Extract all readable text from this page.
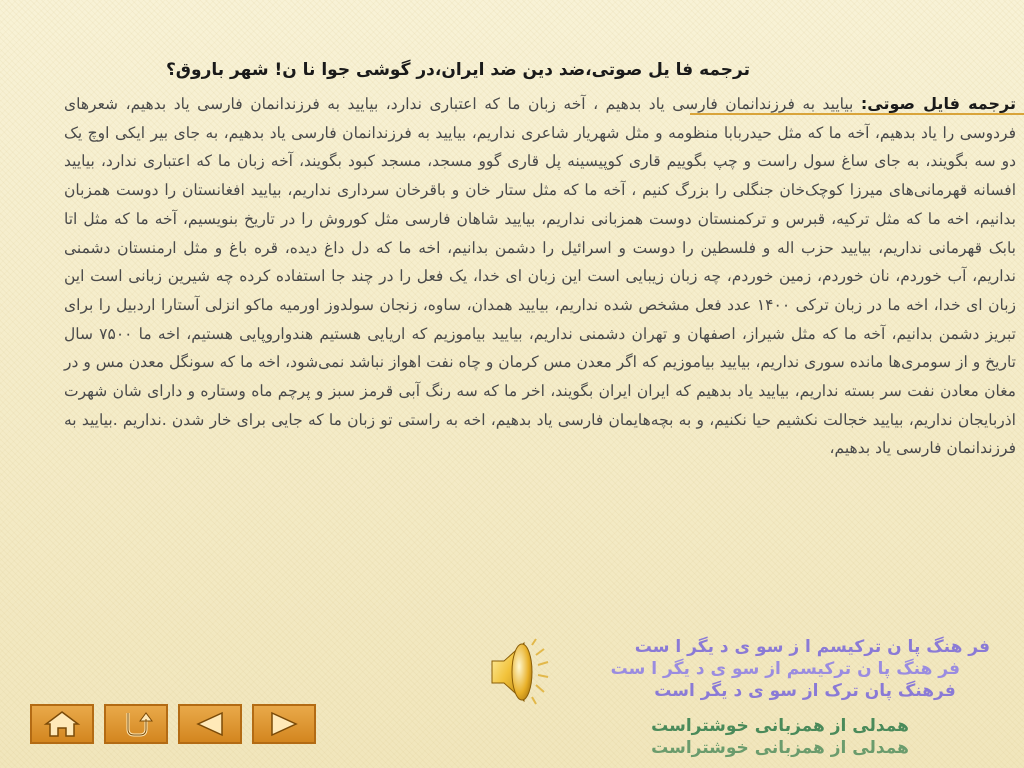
ترجمه فا یل صوتی،ضد دین ضد ایران،در گوشی جوا نا ن! شهر باروق؟
ترجمه فایل صوتی: بیایید به فرزندانمان فارسی یاد بدهیم ، آخه زبان ما که اعتباری ندارد، بیایید به فرزندانمان فارسی یاد بدهیم، شعرهای فردوسی را یاد بدهیم، آخه ما که مثل حیدربابا منظومه و مثل شهریار شاعری نداریم، بیایید به فرزندانمان فارسی یاد بدهیم، به جای بیر ایکی اوچ یک دو سه بگویند، به جای ساغ سول راست و چپ بگوییم قاری کوپیسینه پل قاری گوو مسجد، مسجد کبود بگویند، آخه زبان ما که اعتباری ندارد، بیایید افسانه قهرمانی‌های میرزا کوچک‌خان جنگلی را بزرگ کنیم ، آخه ما که مثل ستار خان و باقرخان سرداری نداریم، بیایید افغانستان را دوست همزبان بدانیم، اخه ما که مثل ترکیه، قبرس و ترکمنستان دوست همزبانی نداریم، بیایید شاهان فارسی مثل کوروش را در تاریخ بنویسیم، آخه ما که مثل اتا بابک قهرمانی نداریم، بیایید حزب اله و فلسطین را دوست و اسرائیل را دشمن بدانیم، اخه ما که دل داغ دیده، قره باغ و مثل ارمنستان دشمنی نداریم، آب خوردم، نان خوردم، زمین خوردم، چه زبان زیبایی است این زبان ای خدا، یک فعل را در چند جا استفاده کرده چه شیرین زبانی است این زبان ای خدا، اخه ما در زبان ترکی ۱۴۰۰ عدد فعل مشخص شده نداریم، بیایید همدان، ساوه، زنجان سولدوز اورمیه ماکو انزلی آستارا اردبیل را برای تبریز دشمن بدانیم، آخه ما که مثل شیراز، اصفهان و تهران دشمنی نداریم، بیایید بیاموزیم که اریایی هستیم هندواروپایی هستیم، اخه ما ۷۵۰۰ سال تاریخ و از سومری‌ها مانده سوری نداریم، بیایید بیاموزیم که اگر معدن مس کرمان و چاه نفت اهواز نباشد نمی‌شود، اخه ما که سونگل معدن مس و در مغان معادن نفت سر بسته نداریم، بیایید یاد بدهیم که ایران ایران بگویند، اخر ما که سه رنگ آبی قرمز سبز و پرچم ماه وستاره و دارای شان شهرت اذربایجان نداریم، بیایید خجالت نکشیم حیا نکنیم، و به بچه‌هایمان فارسی یاد بدهیم، اخه به راستی تو زبان ما که جایی برای خار شدن .نداریم .بیایید به فرزندانمان فارسی یاد بدهیم،
فر هنگ پا ن ترکیسم ا ز سو ی د یگر ا ست
فر هنگ پا ن ترکیسم از سو ی د یگر ا ست
فرهنگ پان ترک از سو ی د یگر است
همدلی از همزبانی خوشتراست
همدلی از همزبانی خوشتراست
